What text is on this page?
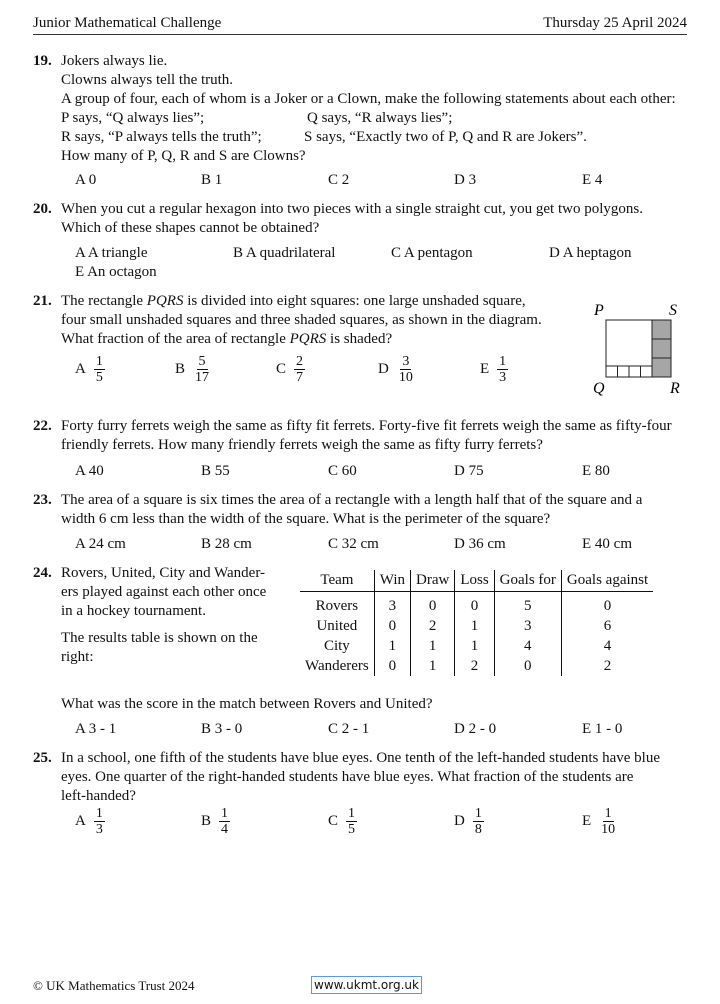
Junior Mathematical Challenge	Thursday 25 April 2024
19. Jokers always lie.
Clowns always tell the truth.
A group of four, each of whom is a Joker or a Clown, make the following statements about each other:
P says, “Q always lies”;	Q says, “R always lies”;
R says, “P always tells the truth”;	S says, “Exactly two of P, Q and R are Jokers”.
How many of P, Q, R and S are Clowns?
A 0	B 1	C 2	D 3	E 4
20. When you cut a regular hexagon into two pieces with a single straight cut, you get two polygons.
Which of these shapes cannot be obtained?
A A triangle	B A quadrilateral	C A pentagon	D A heptagon
E An octagon
21. The rectangle PQRS is divided into eight squares: one large unshaded square,
four small unshaded squares and three shaded squares, as shown in the diagram.
What fraction of the area of rectangle PQRS is shaded?
A $\frac{1}{5}$	B $\frac{5}{17}$	C $\frac{2}{7}$	D $\frac{3}{10}$	E $\frac{1}{3}$
P	S
Q	R
22. Forty furry ferrets weigh the same as fifty fit ferrets. Forty-five fit ferrets weigh the same as fifty-four
friendly ferrets. How many friendly ferrets weigh the same as fifty furry ferrets?
A 40	B 55	C 60	D 75	E 80
23. The area of a square is six times the area of a rectangle with a length half that of the square and a
width 6 cm less than the width of the square. What is the perimeter of the square?
A 24 cm	B 28 cm	C 32 cm	D 36 cm	E 40 cm
24. Rovers, United, City and Wander-
ers played against each other once
in a hockey tournament.
The results table is shown on the
right:
Team	Win	Draw	Loss	Goals for	Goals against
Rovers	3	0	0	5	0
United	0	2	1	3	6
City	1	1	1	4	4
Wanderers	0	1	2	0	2
What was the score in the match between Rovers and United?
A 3 - 1	B 3 - 0	C 2 - 1	D 2 - 0	E 1 - 0
25. In a school, one fifth of the students have blue eyes. One tenth of the left-handed students have blue
eyes. One quarter of the right-handed students have blue eyes. What fraction of the students are
left-handed?
A $\frac{1}{3}$	B $\frac{1}{4}$	C $\frac{1}{5}$	D $\frac{1}{8}$	E $\frac{1}{10}$
© UK Mathematics Trust 2024	www.ukmt.org.uk
